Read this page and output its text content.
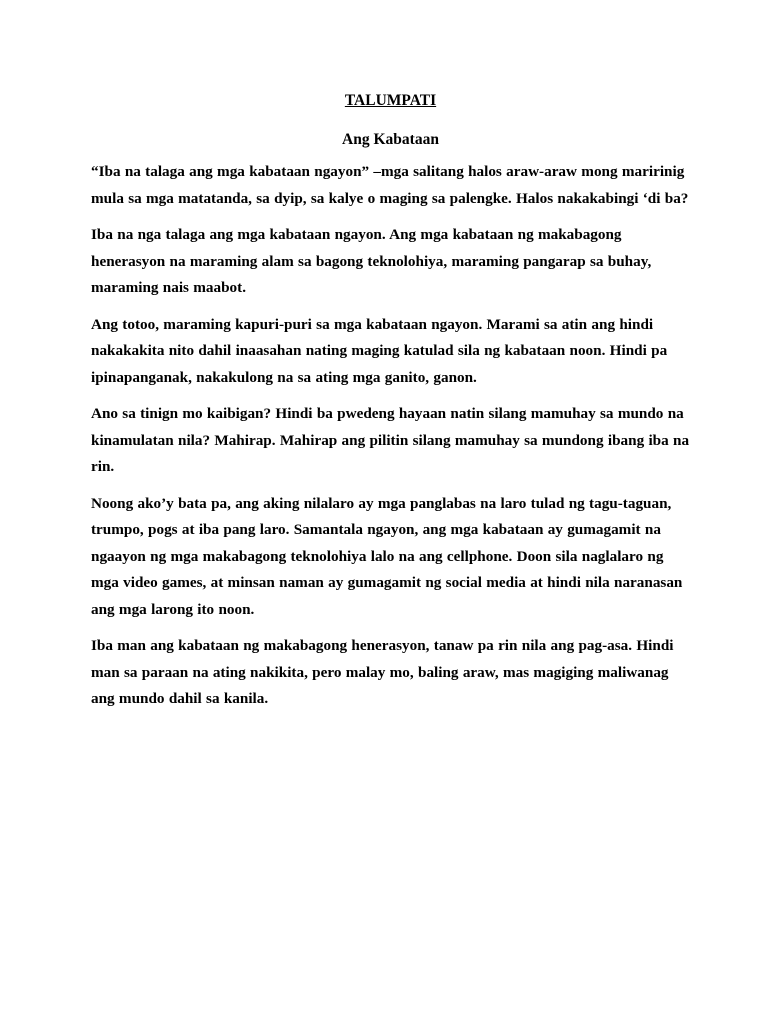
TALUMPATI
Ang Kabataan

“Iba na talaga ang mga kabataan ngayon” –mga salitang halos araw-araw mong maririnig
mula sa mga matatanda, sa dyip, sa kalye o maging sa palengke. Halos nakakabingi ‘di ba?

Iba na nga talaga ang mga kabataan ngayon. Ang mga kabataan ng makabagong
henerasyon na maraming alam sa bagong teknolohiya, maraming pangarap sa buhay,
maraming nais maabot.

Ang totoo, maraming kapuri-puri sa mga kabataan ngayon. Marami sa atin ang hindi
nakakakita nito dahil inaasahan nating maging katulad sila ng kabataan noon. Hindi pa
ipinapanganak, nakakulong na sa ating mga ganito, ganon.

Ano sa tinign mo kaibigan? Hindi ba pwedeng hayaan natin silang mamuhay sa mundo na
kinamulatan nila? Mahirap. Mahirap ang pilitin silang mamuhay sa mundong ibang iba na
rin.

Noong ako’y bata pa, ang aking nilalaro ay mga panglabas na laro tulad ng tagu-taguan,
trumpo, pogs at iba pang laro. Samantala ngayon, ang mga kabataan ay gumagamit na
ngaayon ng mga makabagong teknolohiya lalo na ang cellphone. Doon sila naglalaro ng
mga video games, at minsan naman ay gumagamit ng social media at hindi nila naranasan
ang mga larong ito noon.

Iba man ang kabataan ng makabagong henerasyon, tanaw pa rin nila ang pag-asa. Hindi
man sa paraan na ating nakikita, pero malay mo, baling araw, mas magiging maliwanag
ang mundo dahil sa kanila.
